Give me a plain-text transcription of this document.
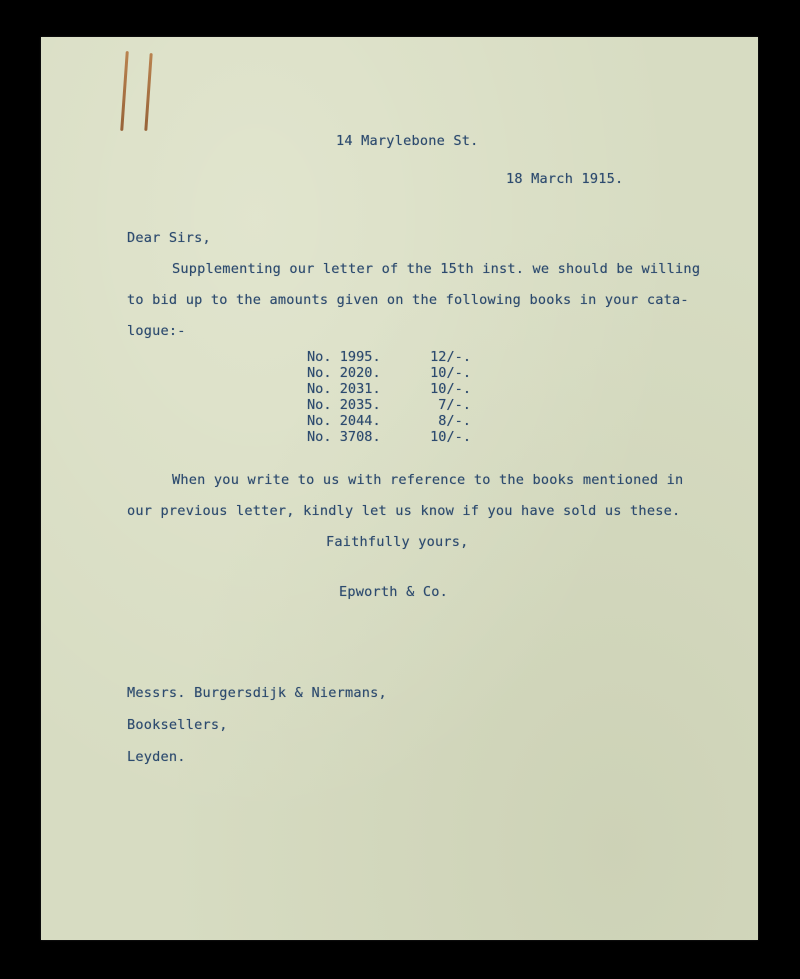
14 Marylebone St.
18 March 1915.
Dear Sirs,
Supplementing our letter of the 15th inst. we should be willing
to bid up to the amounts given on the following books in your cata-
logue:-
No. 1995.	12/-.
No. 2020.	10/-.
No. 2031.	10/-.
No. 2035.	7/-.
No. 2044.	8/-.
No. 3708.	10/-.
When you write to us with reference to the books mentioned in
our previous letter, kindly let us know if you have sold us these.
Faithfully yours,
Epworth & Co.
Messrs. Burgersdijk & Niermans,
Booksellers,
Leyden.
